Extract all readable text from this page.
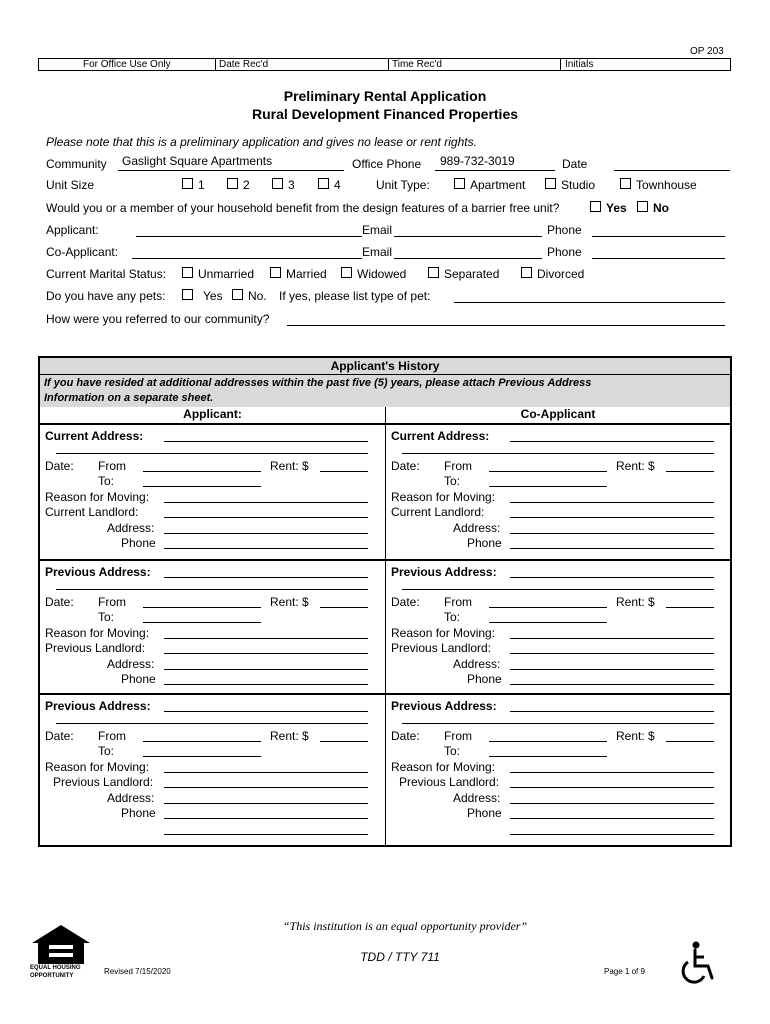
OP 203
For Office Use Only	Date Rec'd	Time Rec'd	Initials
Preliminary Rental Application
Rural Development Financed Properties
Please note that this is a preliminary application and gives no lease or rent rights.
Community Gaslight Square Apartments	Office Phone 989-732-3019	Date
Unit Size	1	2	3	4	Unit Type:	Apartment	Studio	Townhouse
Would you or a member of your household benefit from the design features of a barrier free unit?	Yes No
Applicant:	Email	Phone
Co-Applicant:	Email	Phone
Current Marital Status:	Unmarried	Married	Widowed	Separated	Divorced
Do you have any pets:	Yes No. If yes, please list type of pet:
How were you referred to our community?
Applicant's History
If you have resided at additional addresses within the past five (5) years, please attach Previous Address
Information on a separate sheet.
Applicant:	Co-Applicant
Current Address:
Date: From	Rent: $
To:
Reason for Moving:
Current Landlord:
Address:
Phone
Current Address:
Date: From	Rent: $
To:
Reason for Moving:
Current Landlord:
Address:
Phone
Previous Address:
Date: From	Rent: $
To:
Reason for Moving:
Previous Landlord:
Address:
Phone
Previous Address:
Date: From	Rent: $
To:
Reason for Moving:
Previous Landlord:
Address:
Phone
Previous Address:
Date: From	Rent: $
To:
Reason for Moving:
Previous Landlord:
Address:
Phone
Previous Address:
Date: From	Rent: $
To:
Reason for Moving:
Previous Landlord:
Address:
Phone
“This institution is an equal opportunity provider”
TDD / TTY 711
EQUAL HOUSING
OPPORTUNITY	Revised 7/15/2020	Page 1 of 9
